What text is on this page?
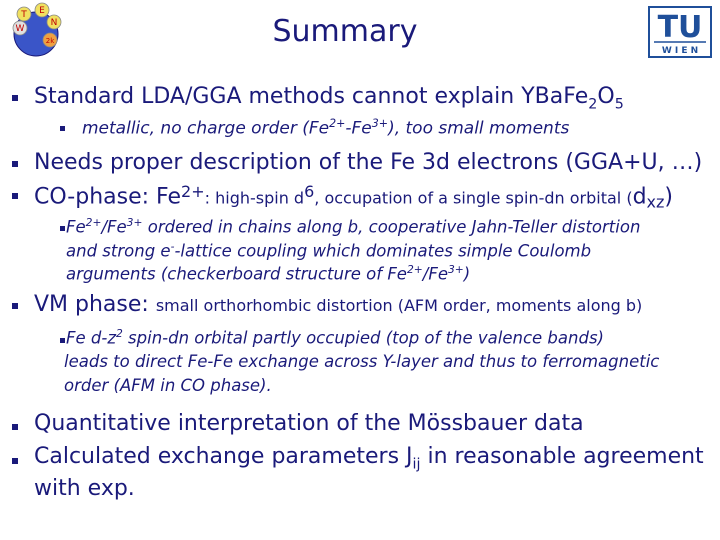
T E
W
N
2k	Summary	TU
W I E N
Standard LDA/GGA methods cannot explain $YBaFe_2O_5$
metallic, no charge order $(Fe^{2+}-Fe^{3+})$, too small moments
Needs proper description of the Fe 3d electrons (GGA+U, …)
CO-phase: $Fe^{2+}$: high-spin $d^6$, occupation of a single spin-dn orbital $(d_{xz})$
$Fe^{2+}/Fe^{3+}$ ordered in chains along b, cooperative Jahn-Teller distortion
and strong e--lattice coupling which dominates simple Coulomb
arguments (checkerboard structure of $Fe^{2+}/Fe^{3+}$)
VM phase: small orthorhombic distortion (AFM order, moments along b)
Fe $d-z^2$ spin-dn orbital partly occupied (top of the valence bands)
leads to direct Fe-Fe exchange across Y-layer and thus to ferromagnetic
order (AFM in CO phase).
Quantitative interpretation of the Mössbauer data
Calculated exchange parameters $J_{ij}$ in reasonable agreement
with exp.
